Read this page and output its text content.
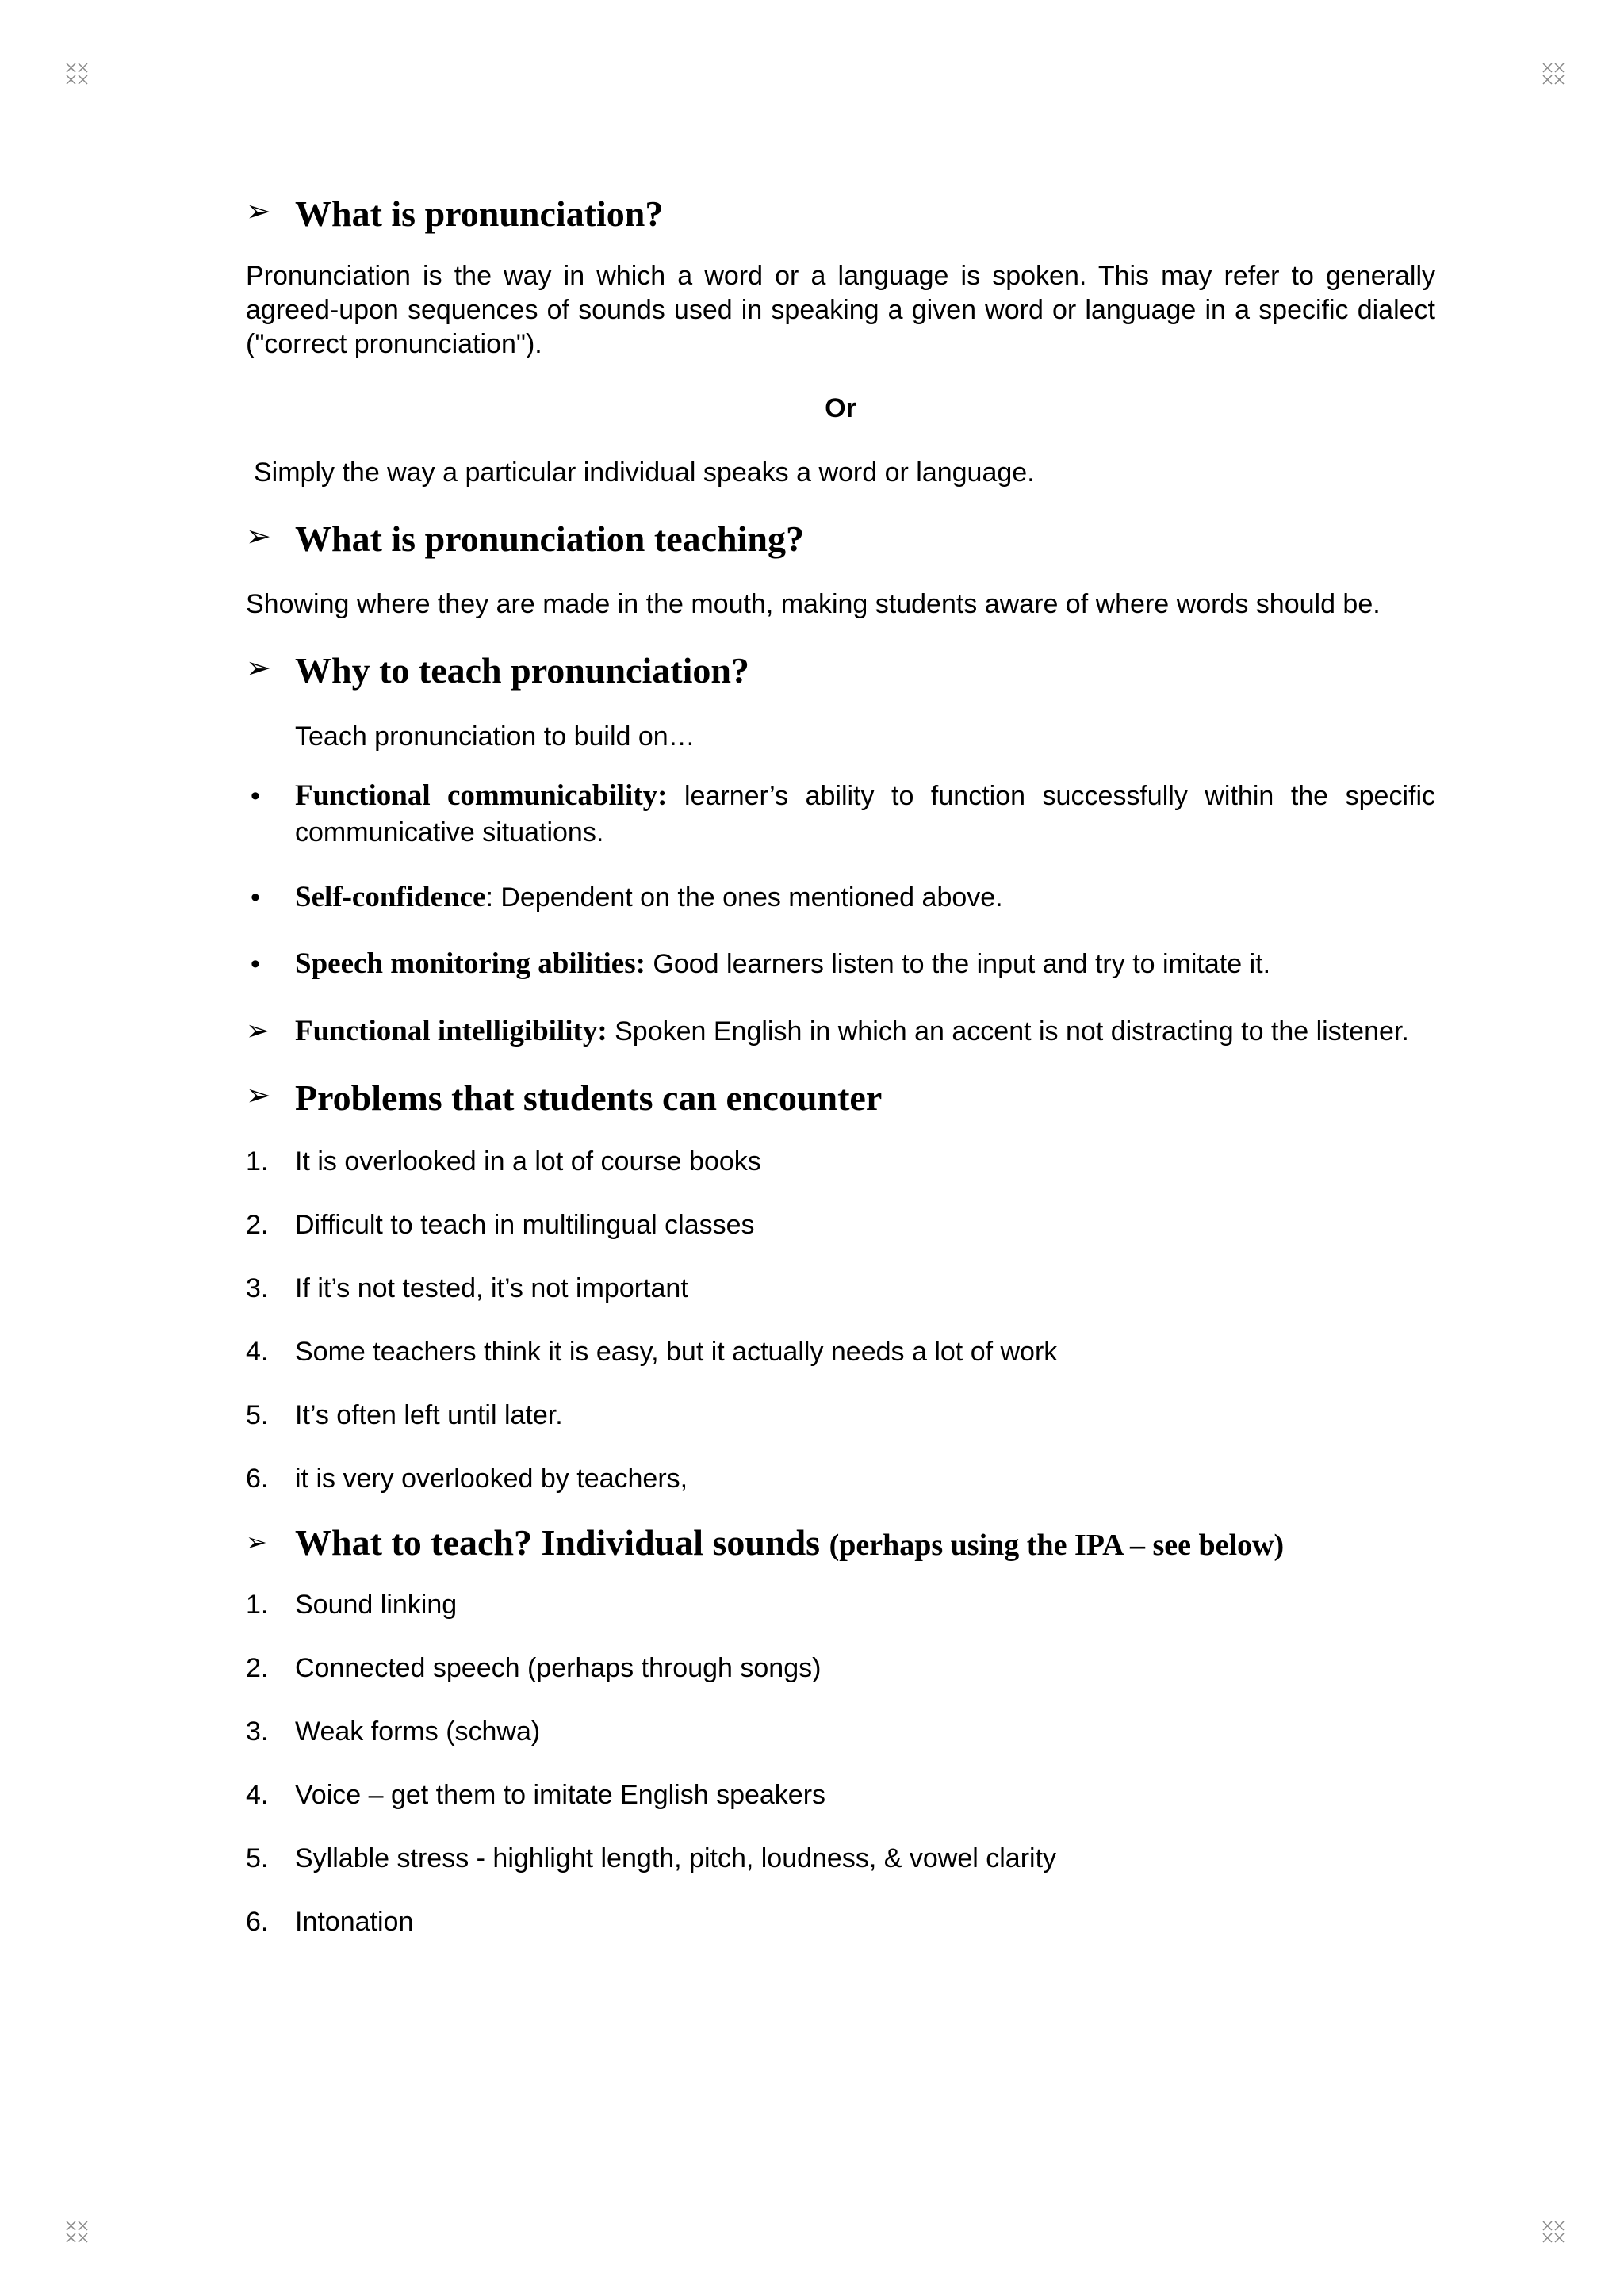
➢ What is pronunciation?

Pronunciation is the way in which a word or a language is spoken. This may refer to generally agreed-upon sequences of sounds used in speaking a given word or language in a specific dialect ("correct pronunciation").

Or

Simply the way a particular individual speaks a word or language.

➢ What is pronunciation teaching?

Showing where they are made in the mouth, making students aware of where words should be.

➢ Why to teach pronunciation?

Teach pronunciation to build on…

• Functional communicability: learner’s ability to function successfully within the specific communicative situations.
• Self-confidence: Dependent on the ones mentioned above.
• Speech monitoring abilities: Good learners listen to the input and try to imitate it.
➢ Functional intelligibility: Spoken English in which an accent is not distracting to the listener.
➢ Problems that students can encounter
1. It is overlooked in a lot of course books
2. Difficult to teach in multilingual classes
3. If it’s not tested, it’s not important
4. Some teachers think it is easy, but it actually needs a lot of work
5. It’s often left until later.
6. it is very overlooked by teachers,
➢ What to teach? Individual sounds (perhaps using the IPA – see below)
1. Sound linking
2. Connected speech (perhaps through songs)
3. Weak forms (schwa)
4. Voice – get them to imitate English speakers
5. Syllable stress - highlight length, pitch, loudness, & vowel clarity
6. Intonation
